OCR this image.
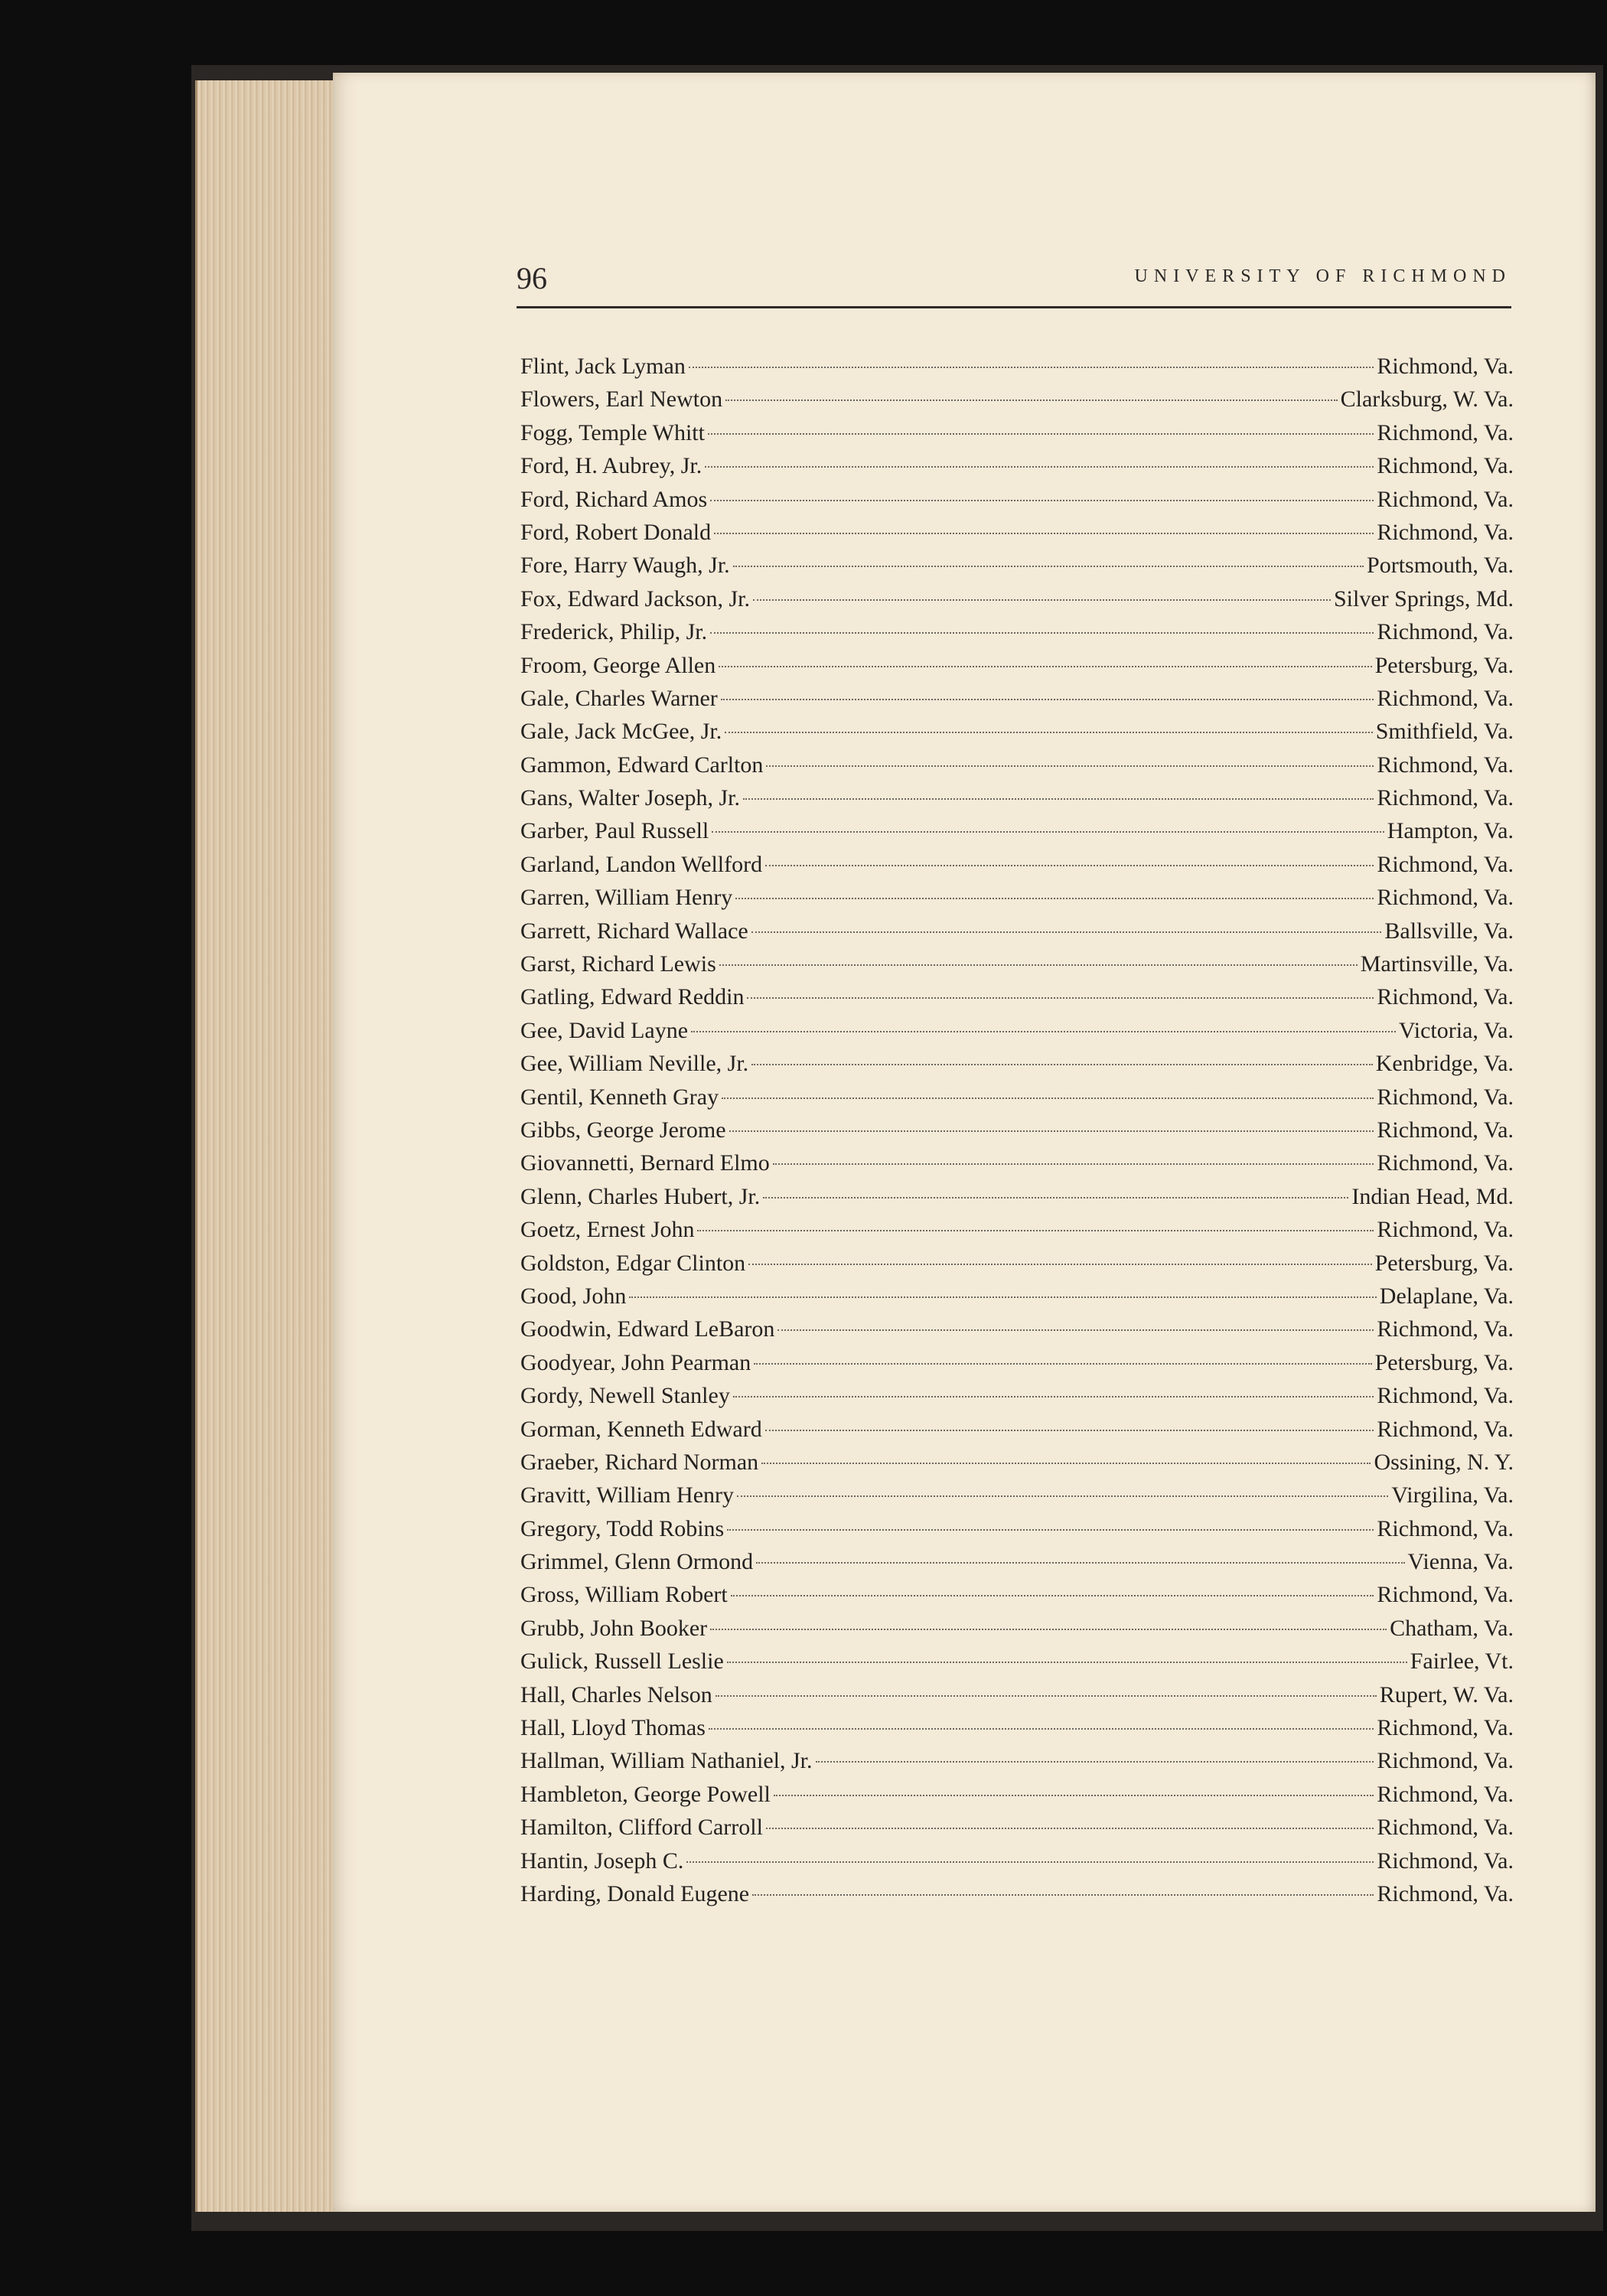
96	UNIVERSITY OF RICHMOND
Flint, Jack Lyman	Richmond, Va.
Flowers, Earl Newton	Clarksburg, W. Va.
Fogg, Temple Whitt	Richmond, Va.
Ford, H. Aubrey, Jr.	Richmond, Va.
Ford, Richard Amos	Richmond, Va.
Ford, Robert Donald	Richmond, Va.
Fore, Harry Waugh, Jr.	Portsmouth, Va.
Fox, Edward Jackson, Jr.	Silver Springs, Md.
Frederick, Philip, Jr.	Richmond, Va.
Froom, George Allen	Petersburg, Va.
Gale, Charles Warner	Richmond, Va.
Gale, Jack McGee, Jr.	Smithfield, Va.
Gammon, Edward Carlton	Richmond, Va.
Gans, Walter Joseph, Jr.	Richmond, Va.
Garber, Paul Russell	Hampton, Va.
Garland, Landon Wellford	Richmond, Va.
Garren, William Henry	Richmond, Va.
Garrett, Richard Wallace	Ballsville, Va.
Garst, Richard Lewis	Martinsville, Va.
Gatling, Edward Reddin	Richmond, Va.
Gee, David Layne	Victoria, Va.
Gee, William Neville, Jr.	Kenbridge, Va.
Gentil, Kenneth Gray	Richmond, Va.
Gibbs, George Jerome	Richmond, Va.
Giovannetti, Bernard Elmo	Richmond, Va.
Glenn, Charles Hubert, Jr.	Indian Head, Md.
Goetz, Ernest John	Richmond, Va.
Goldston, Edgar Clinton	Petersburg, Va.
Good, John	Delaplane, Va.
Goodwin, Edward LeBaron	Richmond, Va.
Goodyear, John Pearman	Petersburg, Va.
Gordy, Newell Stanley	Richmond, Va.
Gorman, Kenneth Edward	Richmond, Va.
Graeber, Richard Norman	Ossining, N. Y.
Gravitt, William Henry	Virgilina, Va.
Gregory, Todd Robins	Richmond, Va.
Grimmel, Glenn Ormond	Vienna, Va.
Gross, William Robert	Richmond, Va.
Grubb, John Booker	Chatham, Va.
Gulick, Russell Leslie	Fairlee, Vt.
Hall, Charles Nelson	Rupert, W. Va.
Hall, Lloyd Thomas	Richmond, Va.
Hallman, William Nathaniel, Jr.	Richmond, Va.
Hambleton, George Powell	Richmond, Va.
Hamilton, Clifford Carroll	Richmond, Va.
Hantin, Joseph C.	Richmond, Va.
Harding, Donald Eugene	Richmond, Va.
